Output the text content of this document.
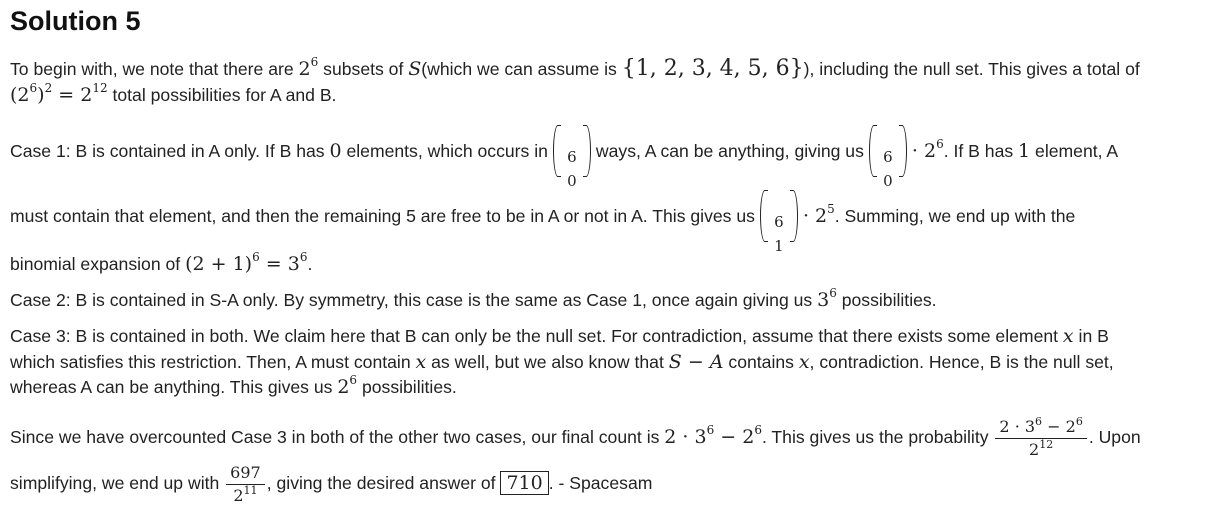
Solution 5
To begin with, we note that there are $2^6$ subsets of S(which we can assume is {1, 2, 3, 4, 5, 6}), including the null set. This gives a total of
$(2^6)^2 = 2^{12}$ total possibilities for A and B.
Case 1: B is contained in A only. If B has 0 elements, which occurs in	6
0
ways, A can be anything, giving us	6
0
· $2^6$. If B has 1 element, A
must contain that element, and then the remaining 5 are free to be in A or not in A. This gives us	6
1
· $2^5$. Summing, we end up with the
binomial expansion of $(2 + 1)^6 = 3^6$.
Case 2: B is contained in S-A only. By symmetry, this case is the same as Case 1, once again giving us $3^6$ possibilities.
Case 3: B is contained in both. We claim here that B can only be the null set. For contradiction, assume that there exists some element x in B
which satisfies this restriction. Then, A must contain x as well, but we also know that S − A contains x, contradiction. Hence, B is the null set,
whereas A can be anything. This gives us $2^6$ possibilities.
Since we have overcounted Case 3 in both of the other two cases, our final count is $2 \cdot 3^6 - 2^6$. This gives us the probability $\frac{2 \cdot 3^6 - 2^6}{2^{12}}$ . Upon
simplifying, we end up with $\frac{697}{2^{11}}$ , giving the desired answer of 710 . - Spacesam
